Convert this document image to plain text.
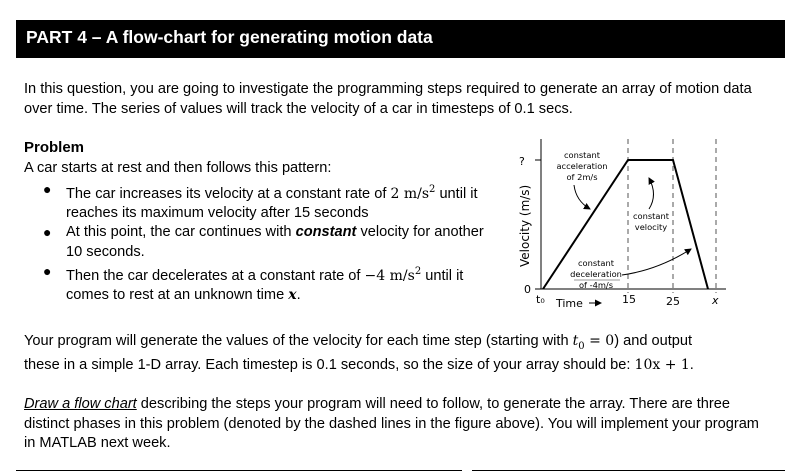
PART 4 – A flow-chart for generating motion data
In this question, you are going to investigate the programming steps required to generate an array of motion data over time. The series of values will track the velocity of a car in timesteps of 0.1 secs.
Problem
A car starts at rest and then follows this pattern:
● The car increases its velocity at a constant rate of 2 $m/s^2$ until it reaches its maximum velocity after 15 seconds
● At this point, the car continues with constant velocity for another 10 seconds.
● Then the car decelerates at a constant rate of −4 $m/s^2$ until it comes to rest at an unknown time x.
Velocity (m/s)
?
0
t₀ Time	15	25	x
constant
acceleration
of 2m/s
constant
velocity
constant
deceleration
of -4m/s
Your program will generate the values of the velocity for each time step (starting with $t_0 = 0$) and output
these in a simple 1-D array. Each timestep is 0.1 seconds, so the size of your array should be: 10x + 1.
Draw a flow chart describing the steps your program will need to follow, to generate the array. There are three distinct phases in this problem (denoted by the dashed lines in the figure above). You will implement your program in MATLAB next week.
